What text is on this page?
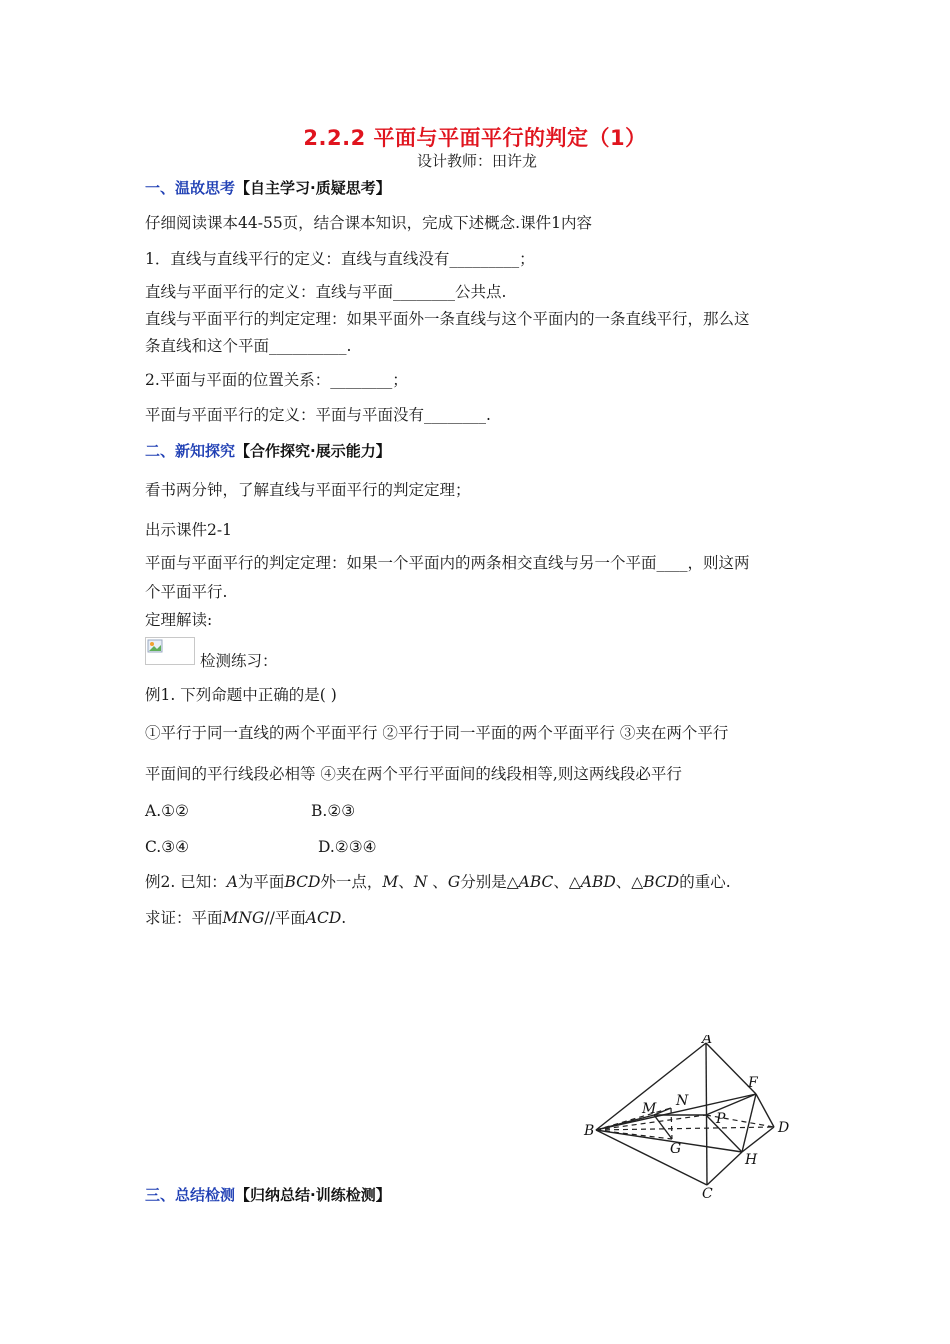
2.2.2 平面与平面平行的判定（1）
设计教师：田许龙
一、温故思考【自主学习·质疑思考】
仔细阅读课本44-55页，结合课本知识，完成下述概念.课件1内容
1．直线与直线平行的定义：直线与直线没有_________；
直线与平面平行的定义：直线与平面________公共点.
直线与平面平行的判定定理：如果平面外一条直线与这个平面内的一条直线平行，那么这
条直线和这个平面__________.
2.平面与平面的位置关系：________；
平面与平面平行的定义：平面与平面没有________.
二、新知探究【合作探究·展示能力】
看书两分钟，了解直线与平面平行的判定定理；
出示课件2-1
平面与平面平行的判定定理：如果一个平面内的两条相交直线与另一个平面____，则这两
个平面平行.
定理解读:
检测练习：
例1. 下列命题中正确的是( )
①平行于同一直线的两个平面平行 ②平行于同一平面的两个平面平行 ③夹在两个平行
平面间的平行线段必相等 ④夹在两个平行平面间的线段相等,则这两线段必平行
A.①②	B.②③
C.③④	D.②③④
例2. 已知：A为平面BCD外一点，M、N 、G分别是△ABC、△ABD、△BCD的重心.
求证：平面MNG//平面ACD.
A
B
C
D
F
H
M N
P
G
三、总结检测【归纳总结·训练检测】
